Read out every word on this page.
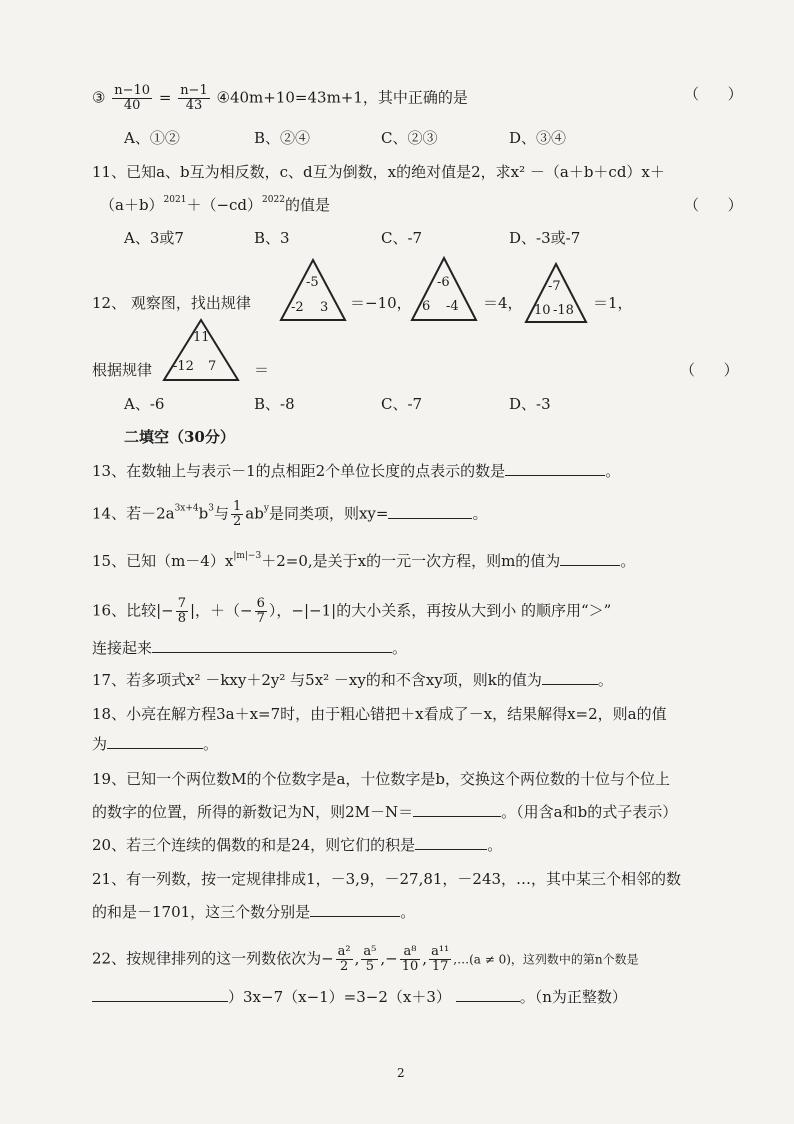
③ $\frac{n-10}{40} = \frac{n-1}{43}$ ④40m+10=43m+1，其中正确的是	（      ）
A、①②	B、②④	C、②③	D、③④
11、已知a、b互为相反数，c、d互为倒数，x的绝对值是2，求x² －（a＋b＋cd）x＋
$(a+b)^{2021}+(-cd)^{2022}$的值是	（      ）
A、3或7	B、3	C、-7	D、-3或-7
12、 观察图，找出规律
-5
-2 3 ＝−10，
-6
6 -4 ＝4，
-7
10 -18 ＝1，
根据规律
11
-12 7	＝	（      ）
A、-6	B、-8	C、-7	D、-3
二填空（30分）
13、在数轴上与表示－1的点相距2个单位长度的点表示的数是	。
14、若$-2a^{3x+4}b^3$与 $\frac{1}{2} ab^y$是同类项，则xy=	。
15、已知$(m-4)x^{|m|-3}+2=0$,是关于x的一元一次方程，则m的值为	。
16、比较|− $\frac{7}{8}$ |，＋（− $\frac{6}{7}$ ），−|−1|的大小关系，再按从大到小 的顺序用“＞”
连接起来	。
17、若多项式x² －kxy＋2y² 与5x² －xy的和不含xy项，则k的值为	。
18、小亮在解方程3a＋x=7时，由于粗心错把＋x看成了－x，结果解得x=2，则a的值
为	。
19、已知一个两位数M的个位数字是a，十位数字是b，交换这个两位数的十位与个位上
的数字的位置，所得的新数记为N，则2M－N＝	。（用含a和b的式子表示）
20、若三个连续的偶数的和是24，则它们的积是	。
21、有一列数，按一定规律排成1，－3,9，－27,81，－243，…，其中某三个相邻的数
的和是－1701，这三个数分别是	。
22、按规律排列的这一列数依次为− $\frac{\text{a²}}{2}$ , $\frac{\text{a⁵}}{5}$ ,− $\frac{\text{a⁸}}{10}$ , $\frac{\text{a¹¹}}{17}$ ,…(a ≠ 0)，这列数中的第n个数是
）3x−7（x−1）=3−2（x＋3）	。（n为正整数）
2
